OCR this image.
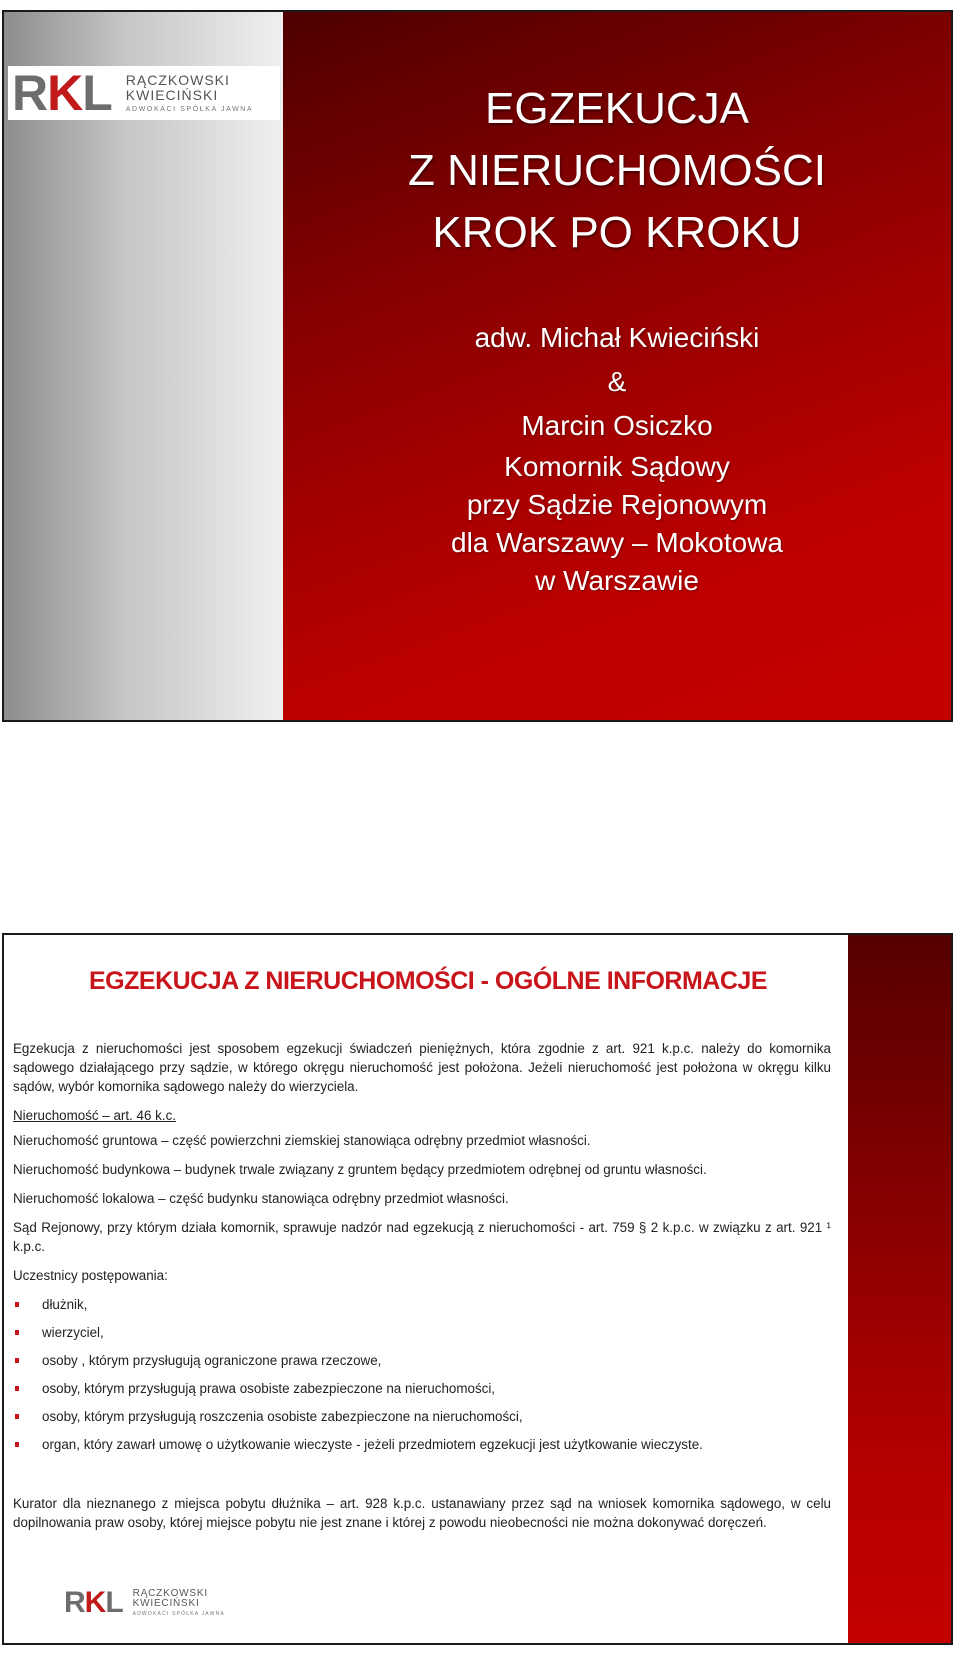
R K L RĄCZKOWSKI
KWIECIŃSKI
ADWOKACI SPÓŁKA JAWNA	EGZEKUCJA
Z NIERUCHOMOŚCI
KROK PO KROKU
adw. Michał Kwieciński
&
Marcin Osiczko
Komornik Sądowy
przy Sądzie Rejonowym
dla Warszawy – Mokotowa
w Warszawie
EGZEKUCJA Z NIERUCHOMOŚCI - OGÓLNE INFORMACJE

Egzekucja z nieruchomości jest sposobem egzekucji świadczeń pieniężnych, która zgodnie z art. 921 k.p.c. należy do komornika sądowego działającego przy sądzie, w którego okręgu nieruchomość jest położona. Jeżeli nieruchomość jest położona w okręgu kilku sądów, wybór komornika sądowego należy do wierzyciela.

Nieruchomość – art. 46 k.c.

Nieruchomość gruntowa – część powierzchni ziemskiej stanowiąca odrębny przedmiot własności.

Nieruchomość budynkowa – budynek trwale związany z gruntem będący przedmiotem odrębnej od gruntu własności.

Nieruchomość lokalowa – część budynku stanowiąca odrębny przedmiot własności.

Sąd Rejonowy, przy którym działa komornik, sprawuje nadzór nad egzekucją z nieruchomości - art. 759 § 2 k.p.c. w związku z art. 921 ¹ k.p.c.

Uczestnicy postępowania:

dłużnik,
wierzyciel,
osoby , którym przysługują ograniczone prawa rzeczowe,
osoby, którym przysługują prawa osobiste zabezpieczone na nieruchomości,
osoby, którym przysługują roszczenia osobiste zabezpieczone na nieruchomości,
organ, który zawarł umowę o użytkowanie wieczyste - jeżeli przedmiotem egzekucji jest użytkowanie wieczyste.
Kurator dla nieznanego z miejsca pobytu dłużnika – art. 928 k.p.c. ustanawiany przez sąd na wniosek komornika sądowego, w celu dopilnowania praw osoby, której miejsce pobytu nie jest znane i której z powodu nieobecności nie można dokonywać doręczeń.
R K L RĄCZKOWSKI
KWIECIŃSKI
ADWOKACI SPÓŁKA JAWNA
